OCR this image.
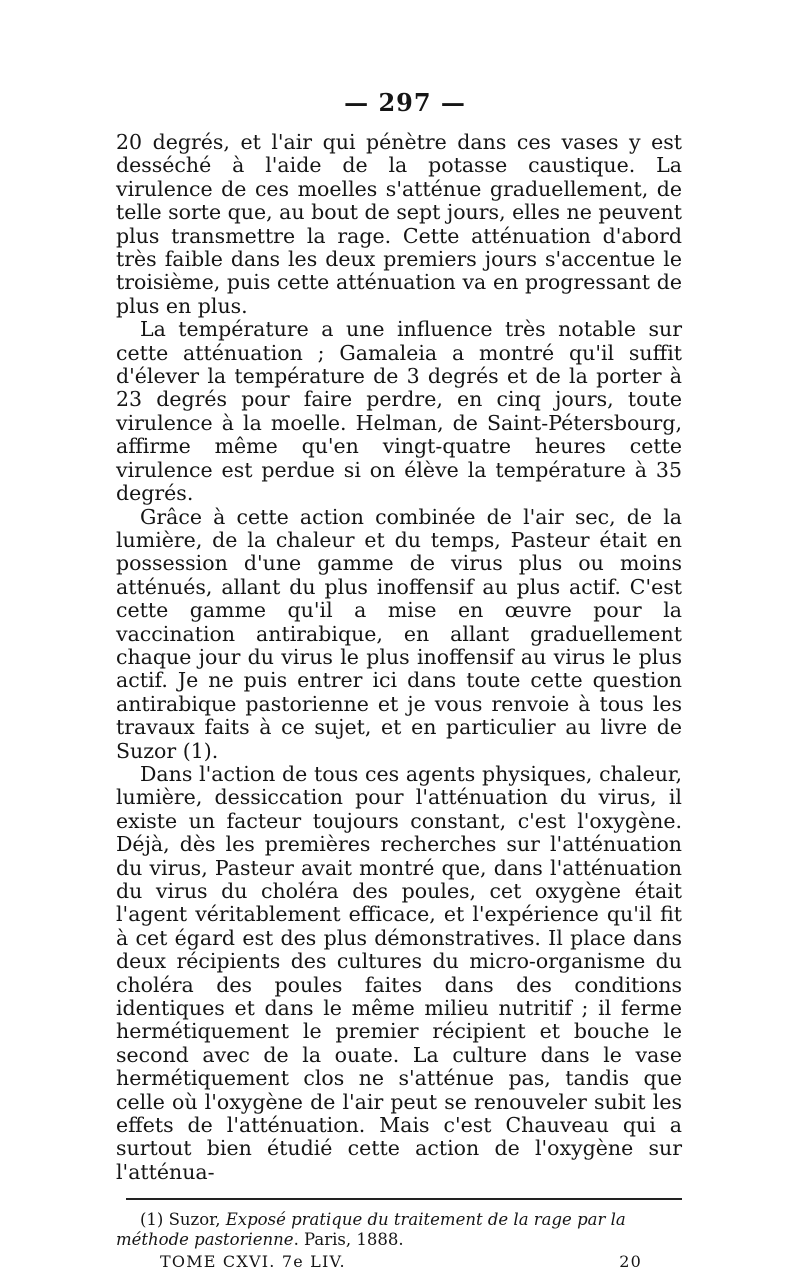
— 297 —

20 degrés, et l'air qui pénètre dans ces vases y est desséché à l'aide de la potasse caustique. La virulence de ces moelles s'atténue graduellement, de telle sorte que, au bout de sept jours, elles ne peuvent plus transmettre la rage. Cette atténuation d'abord très faible dans les deux premiers jours s'accentue le troisième, puis cette atténuation va en progressant de plus en plus.

La température a une influence très notable sur cette atténuation ; Gamaleia a montré qu'il suffit d'élever la température de 3 degrés et de la porter à 23 degrés pour faire perdre, en cinq jours, toute virulence à la moelle. Helman, de Saint-Pétersbourg, affirme même qu'en vingt-quatre heures cette virulence est perdue si on élève la température à 35 degrés.

Grâce à cette action combinée de l'air sec, de la lumière, de la chaleur et du temps, Pasteur était en possession d'une gamme de virus plus ou moins atténués, allant du plus inoffensif au plus actif. C'est cette gamme qu'il a mise en œuvre pour la vaccination antirabique, en allant graduellement chaque jour du virus le plus inoffensif au virus le plus actif. Je ne puis entrer ici dans toute cette question antirabique pastorienne et je vous renvoie à tous les travaux faits à ce sujet, et en particulier au livre de Suzor (1).

Dans l'action de tous ces agents physiques, chaleur, lumière, dessiccation pour l'atténuation du virus, il existe un facteur toujours constant, c'est l'oxygène. Déjà, dès les premières recherches sur l'atténuation du virus, Pasteur avait montré que, dans l'atténuation du virus du choléra des poules, cet oxygène était l'agent véritablement efficace, et l'expérience qu'il fit à cet égard est des plus démonstratives. Il place dans deux récipients des cultures du micro-organisme du choléra des poules faites dans des conditions identiques et dans le même milieu nutritif ; il ferme hermétiquement le premier récipient et bouche le second avec de la ouate. La culture dans le vase hermétiquement clos ne s'atténue pas, tandis que celle où l'oxygène de l'air peut se renouveler subit les effets de l'atténuation. Mais c'est Chauveau qui a surtout bien étudié cette action de l'oxygène sur l'atténua-

(1) Suzor, Exposé pratique du traitement de la rage par la méthode pastorienne. Paris, 1888.

TOME CXVI. 7e LIV.	20
